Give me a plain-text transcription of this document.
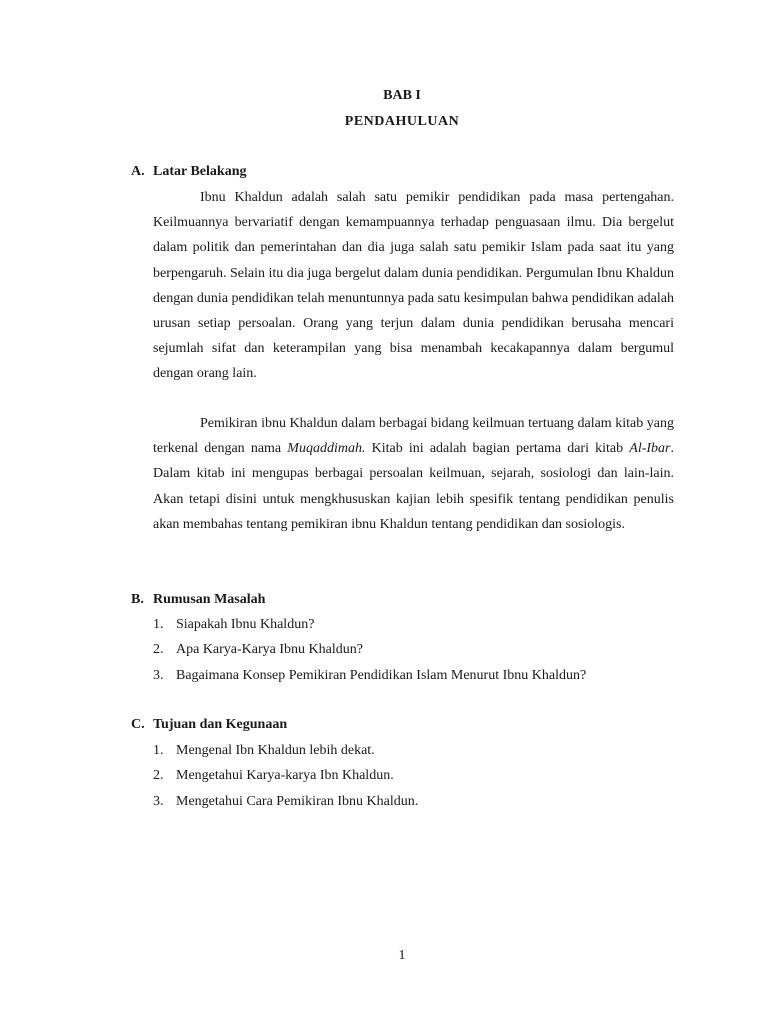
BAB I
PENDAHULUAN
A. Latar Belakang

Ibnu Khaldun adalah salah satu pemikir pendidikan pada masa pertengahan. Keilmuannya bervariatif dengan kemampuannya terhadap penguasaan ilmu. Dia bergelut dalam politik dan pemerintahan dan dia juga salah satu pemikir Islam pada saat itu yang berpengaruh. Selain itu dia juga bergelut dalam dunia pendidikan. Pergumulan Ibnu Khaldun dengan dunia pendidikan telah menuntunnya pada satu kesimpulan bahwa pendidikan adalah urusan setiap persoalan. Orang yang terjun dalam dunia pendidikan berusaha mencari sejumlah sifat dan keterampilan yang bisa menambah kecakapannya dalam bergumul dengan orang lain.

Pemikiran ibnu Khaldun dalam berbagai bidang keilmuan tertuang dalam kitab yang terkenal dengan nama Muqaddimah. Kitab ini adalah bagian pertama dari kitab Al-Ibar. Dalam kitab ini mengupas berbagai persoalan keilmuan, sejarah, sosiologi dan lain-lain. Akan tetapi disini untuk mengkhususkan kajian lebih spesifik tentang pendidikan penulis akan membahas tentang pemikiran ibnu Khaldun tentang pendidikan dan sosiologis.

B. Rumusan Masalah
1. Siapakah Ibnu Khaldun?
2. Apa Karya-Karya Ibnu Khaldun?
3. Bagaimana Konsep Pemikiran Pendidikan Islam Menurut Ibnu Khaldun?
C. Tujuan dan Kegunaan
1. Mengenal Ibn Khaldun lebih dekat.
2. Mengetahui Karya-karya Ibn Khaldun.
3. Mengetahui Cara Pemikiran Ibnu Khaldun.
1
